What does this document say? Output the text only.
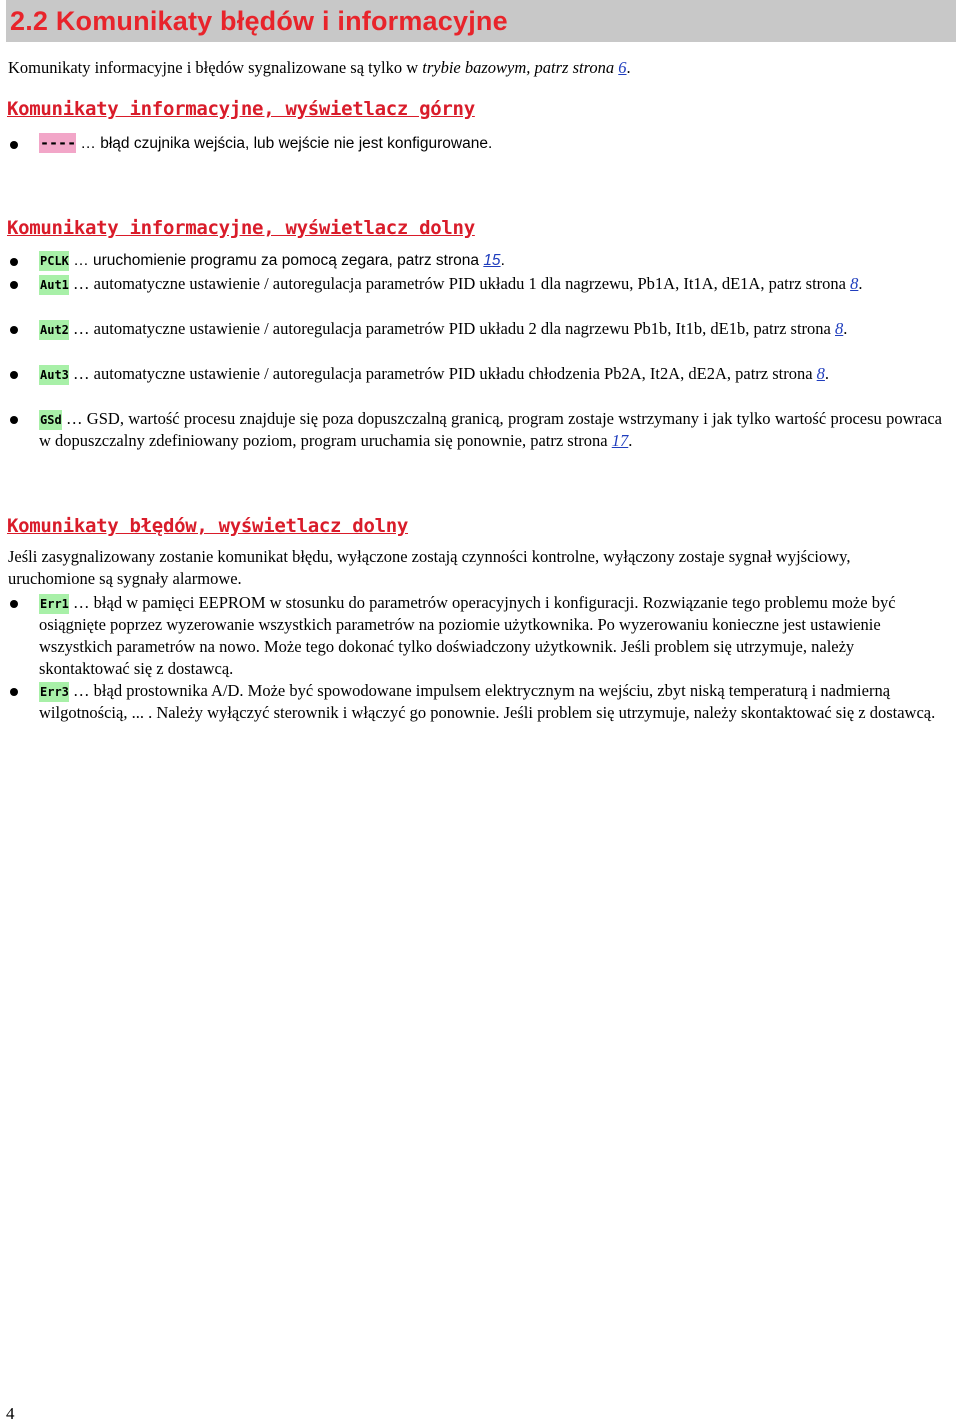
2.2 Komunikaty błędów i informacyjne
Komunikaty informacyjne i błędów sygnalizowane są tylko w trybie bazowym, patrz strona 6.
Komunikaty informacyjne, wyświetlacz górny
---- … błąd czujnika wejścia, lub wejście nie jest konfigurowane.
Komunikaty informacyjne, wyświetlacz dolny
PCLK … uruchomienie programu za pomocą zegara, patrz strona 15.
Aut1 … automatyczne ustawienie / autoregulacja parametrów PID układu 1 dla nagrzewu, Pb1A, It1A, dE1A, patrz strona 8.
Aut2 … automatyczne ustawienie / autoregulacja parametrów PID układu 2 dla nagrzewu Pb1b, It1b, dE1b, patrz strona 8.
Aut3 … automatyczne ustawienie / autoregulacja parametrów PID układu chłodzenia Pb2A, It2A, dE2A, patrz strona 8.
GSd … GSD, wartość procesu znajduje się poza dopuszczalną granicą, program zostaje wstrzymany i jak tylko wartość procesu powraca w dopuszczalny zdefiniowany poziom, program uruchamia się ponownie, patrz strona 17.
Komunikaty błędów, wyświetlacz dolny
Jeśli zasygnalizowany zostanie komunikat błędu, wyłączone zostają czynności kontrolne, wyłączony zostaje sygnał wyjściowy, uruchomione są sygnały alarmowe.
Err1 … błąd w pamięci EEPROM w stosunku do parametrów operacyjnych i konfiguracji. Rozwiązanie tego problemu może być osiągnięte poprzez wyzerowanie wszystkich parametrów na poziomie użytkownika. Po wyzerowaniu konieczne jest ustawienie wszystkich parametrów na nowo. Może tego dokonać tylko doświadczony użytkownik. Jeśli problem się utrzymuje, należy skontaktować się z dostawcą.
Err3 … błąd prostownika A/D. Może być spowodowane impulsem elektrycznym na wejściu, zbyt niską temperaturą i nadmierną wilgotnością, ... . Należy wyłączyć sterownik i włączyć go ponownie. Jeśli problem się utrzymuje, należy skontaktować się z dostawcą.
4
